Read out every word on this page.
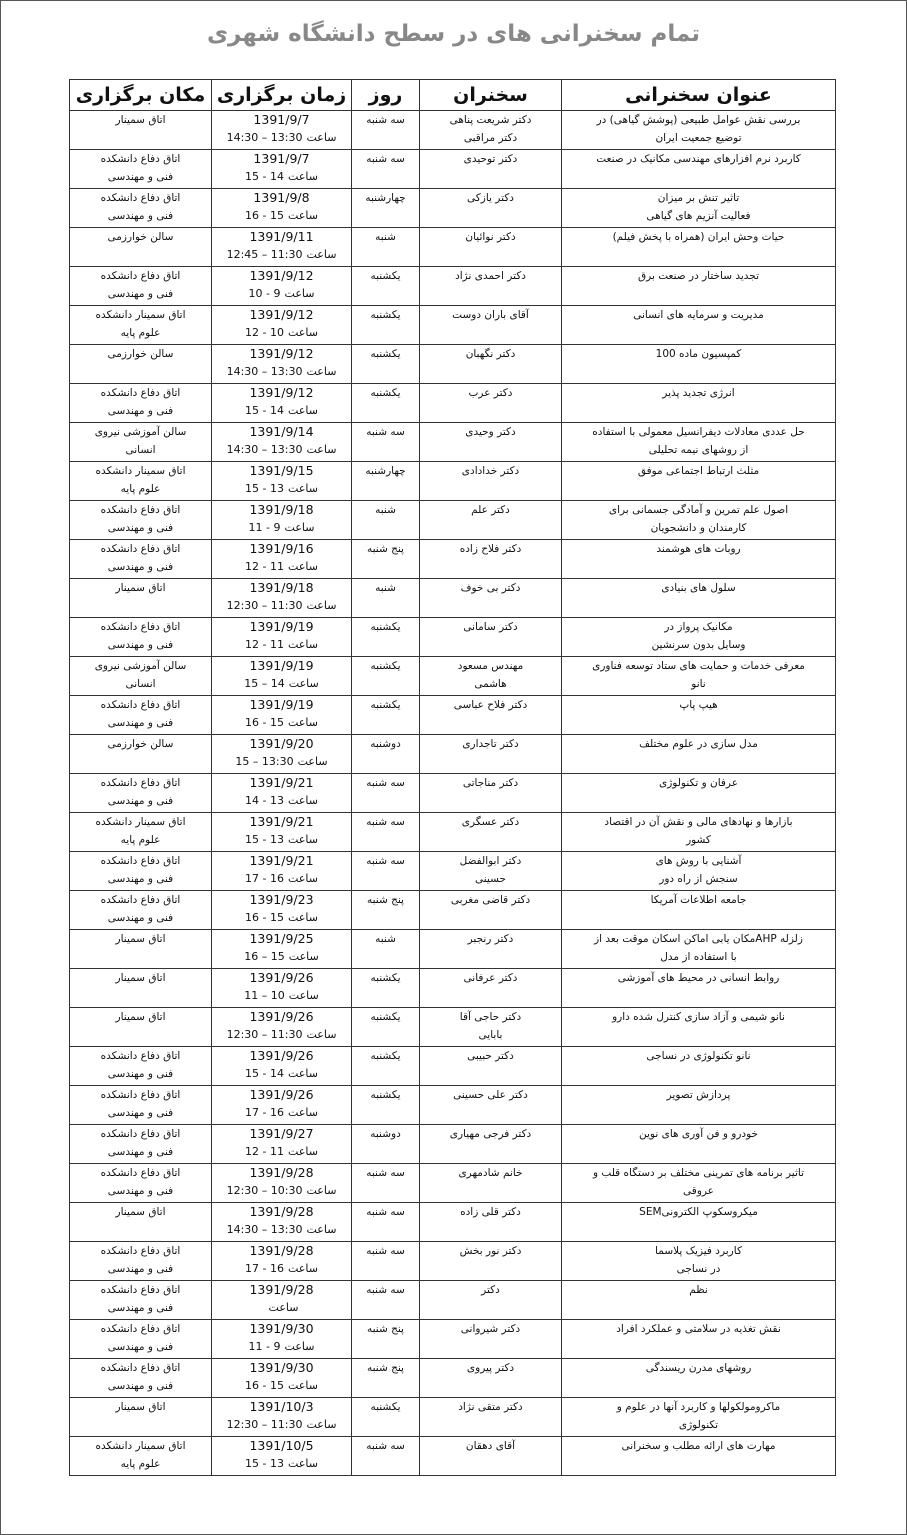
تمام سخنرانی های در سطح دانشگاه شهری
عنوان سخنرانی	سخنران	روز	زمان برگزاری	مکان برگزاری

بررسی نقش عوامل طبیعی (پوشش گیاهی) در
توضیع جمعیت ایران	دکتر شریعت پناهی
دکتر مراقبی	سه شنبه	1391/9/7
ساعت14:30 – 13:30	اتاق سمینار

کاربرد نرم افزارهای مهندسی مکانیک در صنعت	دکتر توحیدی	سه شنبه	1391/9/7
ساعت15 - 14	اتاق دفاع دانشکده
فنی و مهندسی

تاثیر تنش بر میزان
فعالیت آنزیم های گیاهی	دکتر یازکی	چهارشنبه	1391/9/8
ساعت16 - 15	اتاق دفاع دانشکده
فنی و مهندسی

حیات وحش ایران (همراه با پخش فیلم)	دکتر نوائیان	شنبه	1391/9/11
ساعت12:45 – 11:30	سالن خوارزمی

تجدید ساختار در صنعت برق	دکتر احمدی نژاد	یکشنبه	1391/9/12
ساعت10 - 9	اتاق دفاع دانشکده
فنی و مهندسی

مدیریت و سرمایه های انسانی	آقای باران دوست	یکشنبه	1391/9/12
ساعت12 - 10	اتاق سمینار دانشکده
علوم پایه

کمپسیون ماده 100	دکتر نگهبان	یکشنبه	1391/9/12
ساعت14:30 – 13:30	سالن خوارزمی

انرژی تجدید پذیر	دکتر عرب	یکشنبه	1391/9/12
ساعت15 - 14	اتاق دفاع دانشکده
فنی و مهندسی

حل عددی معادلات دیفرانسیل معمولی با استفاده
از روشهای نیمه تحلیلی	دکتر وحیدی	سه شنبه	1391/9/14
ساعت14:30 – 13:30	سالن آموزشی نیروی
انسانی

مثلث ارتباط اجتماعی موفق	دکتر خدادادی	چهارشنبه	1391/9/15
ساعت15 - 13	اتاق سمینار دانشکده
علوم پایه

اصول علم تمرین و آمادگی جسمانی برای
کارمندان و دانشجویان	دکتر علم	شنبه	1391/9/18
ساعت11 - 9	اتاق دفاع دانشکده
فنی و مهندسی

روبات های هوشمند	دکتر فلاح زاده	پنج شنبه	1391/9/16
ساعت12 - 11	اتاق دفاع دانشکده
فنی و مهندسی

سلول های بنیادی	دکتر بی خوف	شنبه	1391/9/18
ساعت12:30 – 11:30	اتاق سمینار

مکانیک پرواز در
وسایل بدون سرنشین	دکتر سامانی	یکشنبه	1391/9/19
ساعت12 - 11	اتاق دفاع دانشکده
فنی و مهندسی

معرفی خدمات و حمایت های ستاد توسعه فناوری
نانو	مهندس مسعود
هاشمی	یکشنبه	1391/9/19
ساعت15 – 14	سالن آموزشی نیروی
انسانی

هیپ پاپ	دکتر فلاح عباسی	یکشنبه	1391/9/19
ساعت16 - 15	اتاق دفاع دانشکده
فنی و مهندسی

مدل سازی در علوم مختلف	دکتر تاجداری	دوشنبه	1391/9/20
ساعت15 – 13:30	سالن خوارزمی

عرفان و تکنولوژی	دکتر مناجاتی	سه شنبه	1391/9/21
ساعت14 - 13	اتاق دفاع دانشکده
فنی و مهندسی

بازارها و نهادهای مالی و نقش آن در اقتصاد
کشور	دکتر عسگری	سه شنبه	1391/9/21
ساعت15 - 13	اتاق سمینار دانشکده
علوم پایه

آشنایی با روش های
سنجش از راه دور	دکتر ابوالفضل
حسینی	سه شنبه	1391/9/21
ساعت17 - 16	اتاق دفاع دانشکده
فنی و مهندسی

جامعه اطلاعات آمریکا	دکتر قاضی مغربی	پنج شنبه	1391/9/23
ساعت16 - 15	اتاق دفاع دانشکده
فنی و مهندسی

زلزله AHPمکان یابی اماکن اسکان موقت بعد از
با استفاده از مدل	دکتر رنجبر	شنبه	1391/9/25
ساعت16 – 15	اتاق سمینار

روابط انسانی در محیط های آموزشی	دکتر عرفانی	یکشنبه	1391/9/26
ساعت11 – 10	اتاق سمینار

نانو شیمی و آزاد سازی کنترل شده دارو	دکتر حاجی آقا
بابایی	یکشنبه	1391/9/26
ساعت12:30 – 11:30	اتاق سمینار

نانو تکنولوژی در نساجی	دکتر حبیبی	یکشنبه	1391/9/26
ساعت15 - 14	اتاق دفاع دانشکده
فنی و مهندسی

پردازش تصویر	دکتر علی حسینی	یکشنبه	1391/9/26
ساعت17 - 16	اتاق دفاع دانشکده
فنی و مهندسی

خودرو و فن آوری های نوین	دکتر فرجی مهیاری	دوشنبه	1391/9/27
ساعت12 - 11	اتاق دفاع دانشکده
فنی و مهندسی

تاثیر برنامه های تمرینی مختلف بر دستگاه قلب و
عروقی	خانم شادمهری	سه شنبه	1391/9/28
ساعت12:30 – 10:30	اتاق دفاع دانشکده
فنی و مهندسی

میکروسکوپ الکترونیSEM	دکتر قلی زاده	سه شنبه	1391/9/28
ساعت14:30 – 13:30	اتاق سمینار

کاربرد فیزیک پلاسما
در نساجی	دکتر نور بخش	سه شنبه	1391/9/28
ساعت17 - 16	اتاق دفاع دانشکده
فنی و مهندسی

نظم	دکتر	سه شنبه	1391/9/28
ساعت	اتاق دفاع دانشکده
فنی و مهندسی

نقش تغذیه در سلامتی و عملکرد افراد	دکتر شیروانی	پنج شنبه	1391/9/30
ساعت11 - 9	اتاق دفاع دانشکده
فنی و مهندسی

روشهای مدرن ریسندگی	دکتر پیروی	پنج شنبه	1391/9/30
ساعت16 - 15	اتاق دفاع دانشکده
فنی و مهندسی

ماکرومولکولها و کاربرد آنها در علوم و
تکنولوژی	دکتر متقی نژاد	یکشنبه	1391/10/3
ساعت12:30 – 11:30	اتاق سمینار

مهارت های ارائه مطلب و سخنرانی	آقای دهقان	سه شنبه	1391/10/5
ساعت15 - 13	اتاق سمینار دانشکده
علوم پایه
